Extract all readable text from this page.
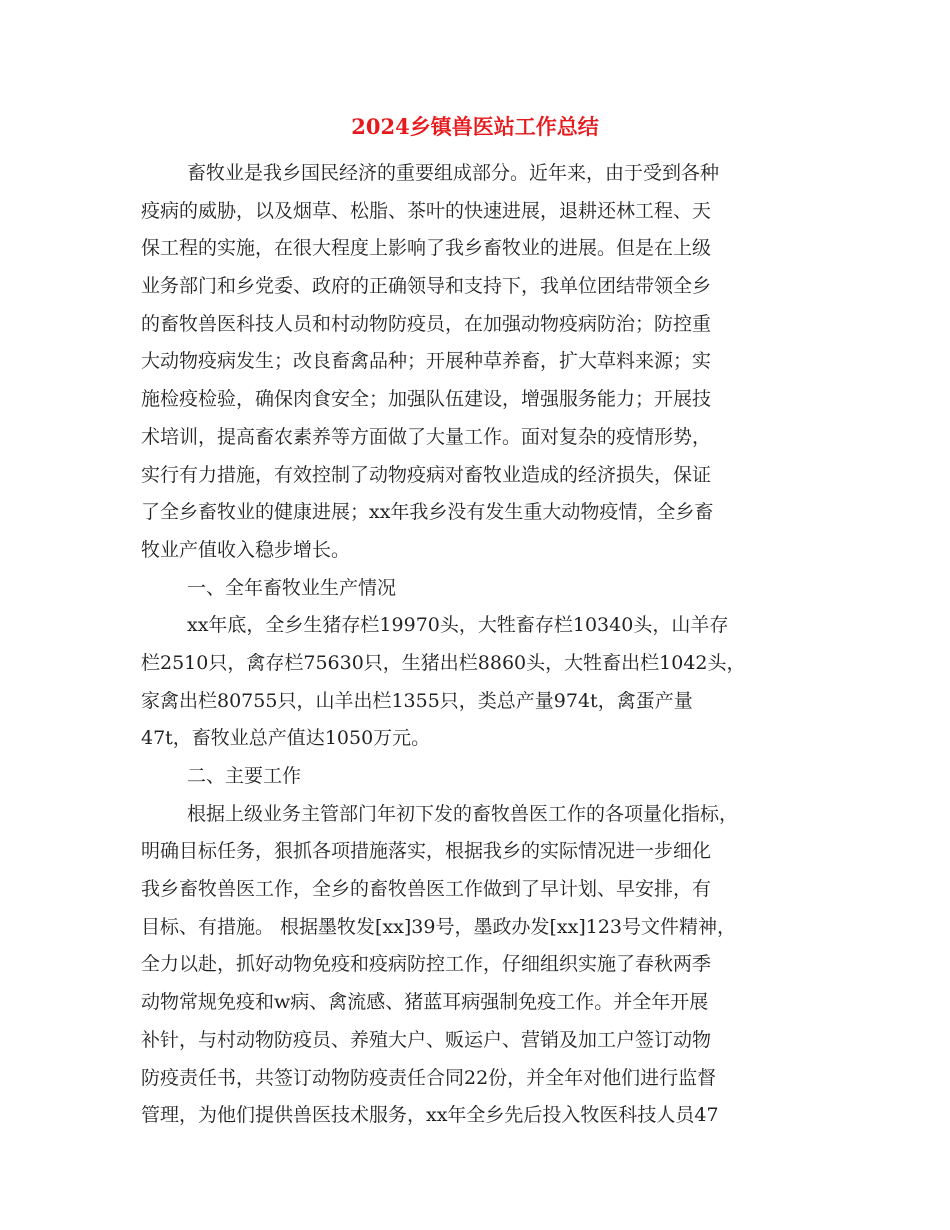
2024乡镇兽医站工作总结
畜牧业是我乡国民经济的重要组成部分。近年来，由于受到各种
疫病的威胁，以及烟草、松脂、茶叶的快速进展，退耕还林工程、天
保工程的实施，在很大程度上影响了我乡畜牧业的进展。但是在上级
业务部门和乡党委、政府的正确领导和支持下，我单位团结带领全乡
的畜牧兽医科技人员和村动物防疫员，在加强动物疫病防治；防控重
大动物疫病发生；改良畜禽品种；开展种草养畜，扩大草料来源；实
施检疫检验，确保肉食安全；加强队伍建设，增强服务能力；开展技
术培训，提高畜农素养等方面做了大量工作。面对复杂的疫情形势，
实行有力措施，有效控制了动物疫病对畜牧业造成的经济损失，保证
了全乡畜牧业的健康进展；xx年我乡没有发生重大动物疫情，全乡畜
牧业产值收入稳步增长。
一、全年畜牧业生产情况
xx年底，全乡生猪存栏19970头，大牲畜存栏10340头，山羊存
栏2510只，禽存栏75630只，生猪出栏8860头，大牲畜出栏1042头，
家禽出栏80755只，山羊出栏1355只，类总产量974t，禽蛋产量
47t，畜牧业总产值达1050万元。
二、主要工作
根据上级业务主管部门年初下发的畜牧兽医工作的各项量化指标，
明确目标任务，狠抓各项措施落实，根据我乡的实际情况进一步细化
我乡畜牧兽医工作，全乡的畜牧兽医工作做到了早计划、早安排，有
目标、有措施。 根据墨牧发[xx]39号，墨政办发[xx]123号文件精神，
全力以赴，抓好动物免疫和疫病防控工作，仔细组织实施了春秋两季
动物常规免疫和w病、禽流感、猪蓝耳病强制免疫工作。并全年开展
补针，与村动物防疫员、养殖大户、贩运户、营销及加工户签订动物
防疫责任书，共签订动物防疫责任合同22份，并全年对他们进行监督
管理，为他们提供兽医技术服务，xx年全乡先后投入牧医科技人员47
